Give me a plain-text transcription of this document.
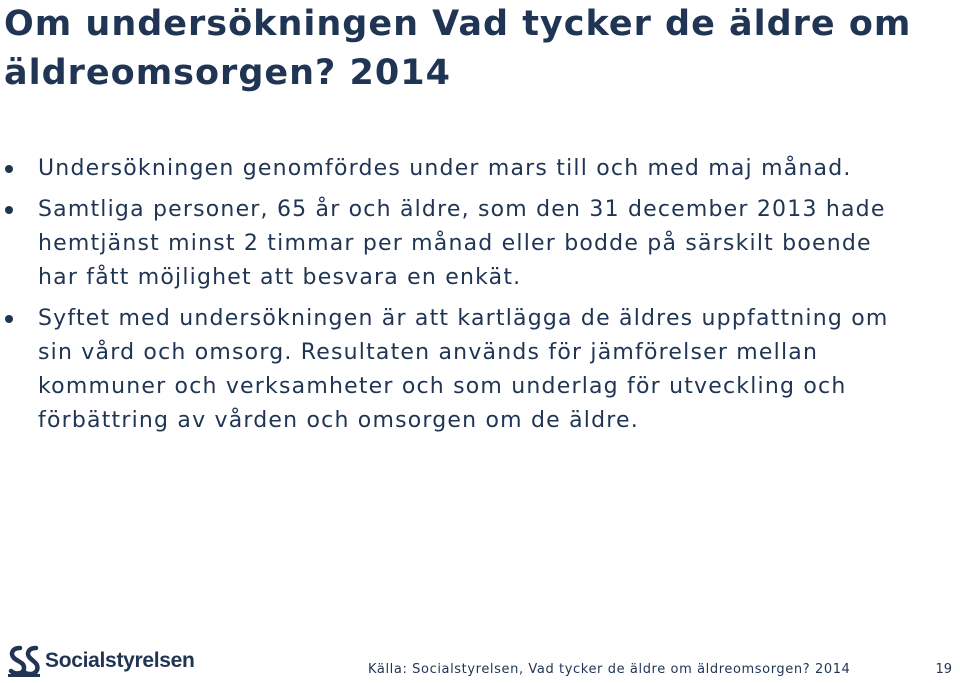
Om undersökningen Vad tycker de äldre om äldreomsorgen? 2014
Undersökningen genomfördes under mars till och med maj månad.
Samtliga personer, 65 år och äldre, som den 31 december 2013 hade hemtjänst minst 2 timmar per månad eller bodde på särskilt boende har fått möjlighet att besvara en enkät.
Syftet med undersökningen är att kartlägga de äldres uppfattning om sin vård och omsorg. Resultaten används för jämförelser mellan kommuner och verksamheter och som underlag för utveckling och förbättring av vården och omsorgen om de äldre.
Socialstyrelsen	Källa: Socialstyrelsen, Vad tycker de äldre om äldreomsorgen? 2014	19
